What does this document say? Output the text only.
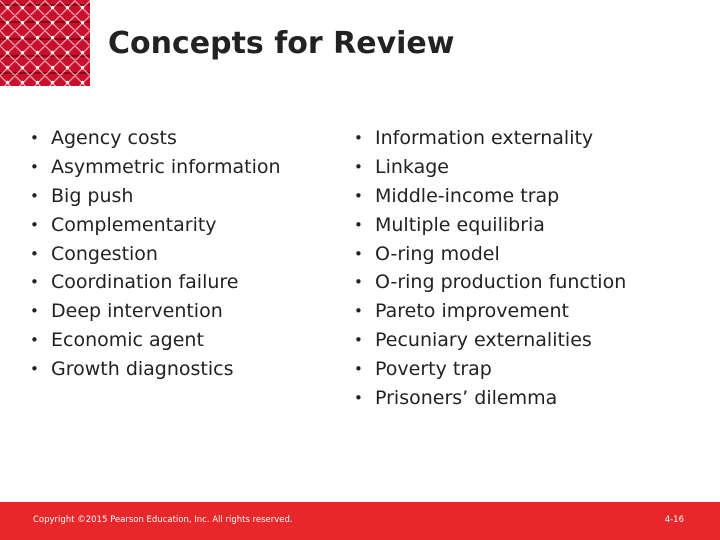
Concepts for Review
• Agency costs
• Asymmetric information
• Big push
• Complementarity
• Congestion
• Coordination failure
• Deep intervention
• Economic agent
• Growth diagnostics
• Information externality
• Linkage
• Middle-income trap
• Multiple equilibria
• O-ring model
• O-ring production function
• Pareto improvement
• Pecuniary externalities
• Poverty trap
• Prisoners’ dilemma
Copyright ©2015 Pearson Education, Inc. All rights reserved.	4-16
